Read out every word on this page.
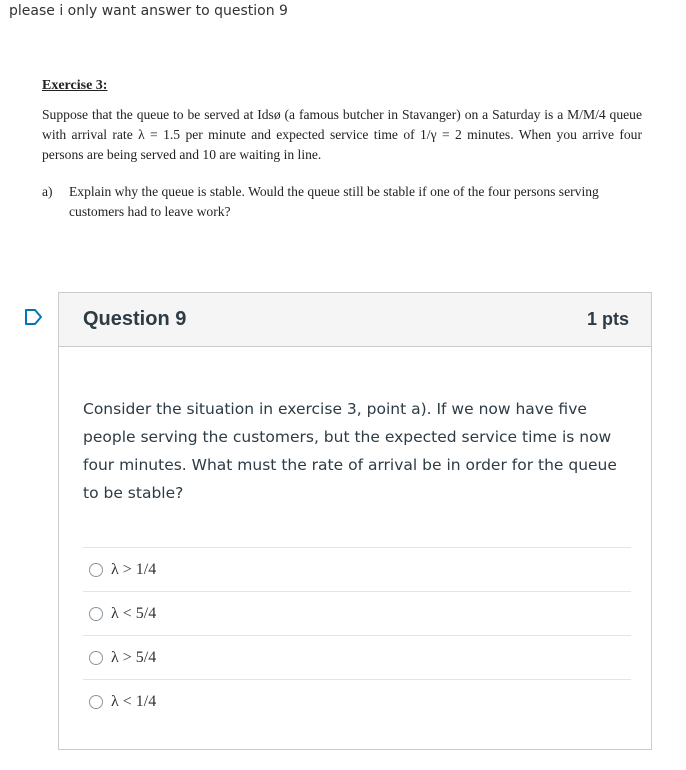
please i only want answer to question 9

Exercise 3:

Suppose that the queue to be served at Idsø (a famous butcher in Stavanger) on a Saturday is a M/M/4 queue with arrival rate λ = 1.5 per minute and expected service time of 1/γ = 2 minutes. When you arrive four persons are being served and 10 are waiting in line.

a)	Explain why the queue is stable. Would the queue still be stable if one of the four persons serving customers had to leave work?
Question 9	1 pts
Consider the situation in exercise 3, point a). If we now have five people serving the customers, but the expected service time is now four minutes. What must the rate of arrival be in order for the queue to be stable?
λ > 1/4
λ < 5/4
λ > 5/4
λ < 1/4
